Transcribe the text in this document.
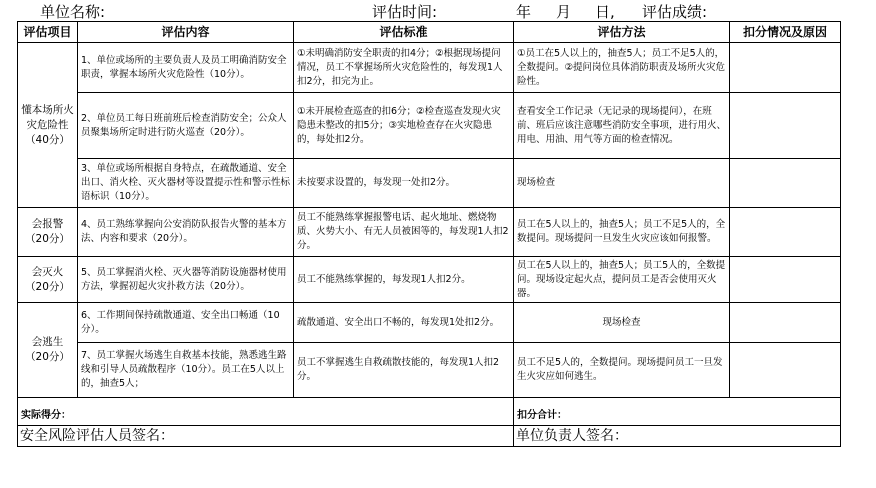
单位名称:	评估时间:	年 月 日, 评估成绩:
评估项目	评估内容	评估标准	评估方法	扣分情况及原因
懂本场所火灾危险性（40分）	1、单位或场所的主要负责人及员工明确消防安全职责，掌握本场所火灾危险性（10分）。	①未明确消防安全职责的扣4分；②根据现场提问情况，员工不掌握场所火灾危险性的，每发现1人扣2分，扣完为止。	①员工在5人以上的，抽查5人；员工不足5人的，全数提问。②提问岗位具体消防职责及场所火灾危险性。	
	2、单位员工每日班前班后检查消防安全；公众人员聚集场所定时进行防火巡查（20分）。	①未开展检查巡查的扣6分；②检查巡查发现火灾隐患未整改的扣5分；③实地检查存在火灾隐患的，每处扣2分。	查看安全工作记录（无记录的现场提问），在班前、班后应该注意哪些消防安全事项，进行用火、用电、用油、用气等方面的检查情况。	
	3、单位或场所根据自身特点，在疏散通道、安全出口、消火栓、灭火器材等设置提示性和警示性标语标识（10分）。	未按要求设置的，每发现一处扣2分。	现场检查	
会报警（20分）	4、员工熟练掌握向公安消防队报告火警的基本方法、内容和要求（20分）。	员工不能熟练掌握报警电话、起火地址、燃烧物质、火势大小、有无人员被困等的，每发现1人扣2分。	员工在5人以上的，抽查5人；员工不足5人的，全数提问。现场提问一旦发生火灾应该如何报警。	
会灭火（20分）	5、员工掌握消火栓、灭火器等消防设施器材使用方法，掌握初起火灾扑救方法（20分）。	员工不能熟练掌握的，每发现1人扣2分。	员工在5人以上的，抽查5人；员工5人的，全数提问。现场设定起火点，提问员工是否会使用灭火器。	
会逃生（20分）	6、工作期间保持疏散通道、安全出口畅通（10分）。	疏散通道、安全出口不畅的，每发现1处扣2分。	现场检查	
	7、员工掌握火场逃生自救基本技能，熟悉逃生路线和引导人员疏散程序（10分）。员工在5人以上的，抽查5人；	员工不掌握逃生自救疏散技能的，每发现1人扣2分。	员工不足5人的，全数提问。现场提问员工一旦发生火灾应如何逃生。	
实际得分：			扣分合计：	
安全风险评估人员签名：			单位负责人签名：	
